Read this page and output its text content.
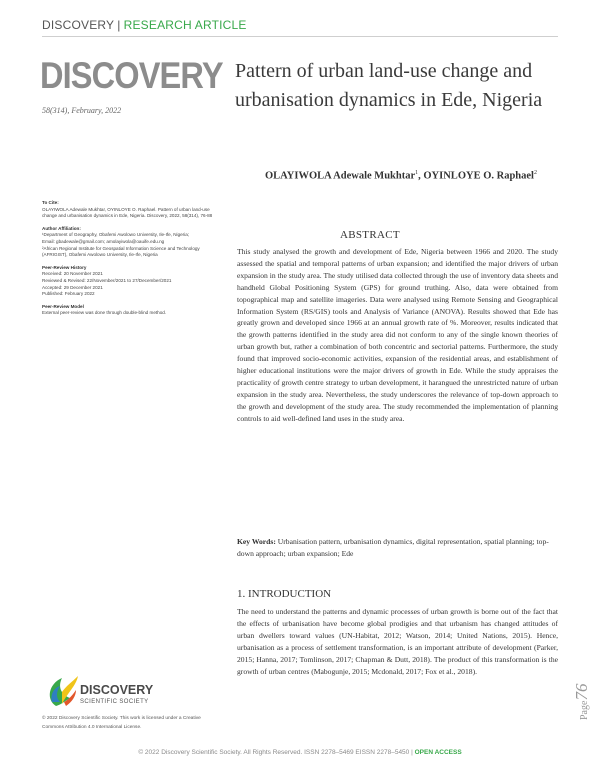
DISCOVERY | RESEARCH ARTICLE
DISCOVERY
58(314), February, 2022
Pattern of urban land-use change and urbanisation dynamics in Ede, Nigeria
OLAYIWOLA Adewale Mukhtar$^1$, OYINLOYE O. Raphael$^2$
To Cite:
OLAYIWOLA Adewale Mukhtar, OYINLOYE O. Raphael. Pattern of urban land-use change and urbanisation dynamics in Ede, Nigeria. Discovery, 2022, 58(314), 76-88
Author Affiliation:
¹Department of Geography, Obafemi Awolowo University, Ile-Ife, Nigeria;
Email: gbadewale@gmail.com; amolayiwola@oauife.edu.ng
²African Regional Institute for Geospatial Information Science and Technology (AFRIGIST), Obafemi Awolowo University, Ile-Ife, Nigeria
Peer-Review History
Received: 20 November 2021
Reviewed & Revised: 22/November/2021 to 27/December/2021
Accepted: 29 December 2021
Published: February 2022
Peer-Review Model
External peer-review was done through double-blind method.
ABSTRACT
This study analysed the growth and development of Ede, Nigeria between 1966 and 2020. The study assessed the spatial and temporal patterns of urban expansion; and identified the major drivers of urban expansion in the study area. The study utilised data collected through the use of inventory data sheets and handheld Global Positioning System (GPS) for ground truthing. Also, data were obtained from topographical map and satellite imageries. Data were analysed using Remote Sensing and Geographical Information System (RS/GIS) tools and Analysis of Variance (ANOVA). Results showed that Ede has greatly grown and developed since 1966 at an annual growth rate of %. Moreover, results indicated that the growth patterns identified in the study area did not conform to any of the single known theories of urban growth but, rather a combination of both concentric and sectorial patterns. Furthermore, the study found that improved socio-economic activities, expansion of the residential areas, and establishment of higher educational institutions were the major drivers of growth in Ede. While the study appraises the practicality of growth centre strategy to urban development, it harangued the unrestricted nature of urban expansion in the study area. Nevertheless, the study underscores the relevance of top-down approach to the growth and development of the study area. The study recommended the implementation of planning controls to aid well-defined land uses in the study area.
Key Words: Urbanisation pattern, urbanisation dynamics, digital representation, spatial planning; top-down approach; urban expansion; Ede
1. INTRODUCTION
The need to understand the patterns and dynamic processes of urban growth is borne out of the fact that the effects of urbanisation have become global prodigies and that urbanism has changed attitudes of urban dwellers toward values (UN-Habitat, 2012; Watson, 2014; United Nations, 2015). Hence, urbanisation as a process of settlement transformation, is an important attribute of development (Parker, 2015; Hanna, 2017; Tomlinson, 2017; Chapman & Dutt, 2018). The product of this transformation is the growth of urban centres (Mabogunje, 2015; Mcdonald, 2017; Fox et al., 2018).
DISCOVERY
SCIENTIFIC SOCIETY
© 2022 Discovery Scientific Society. This work is licensed under a Creative Commons Attribution 4.0 International License.
Page76
© 2022 Discovery Scientific Society. All Rights Reserved. ISSN 2278–5469 EISSN 2278–5450 | OPEN ACCESS
